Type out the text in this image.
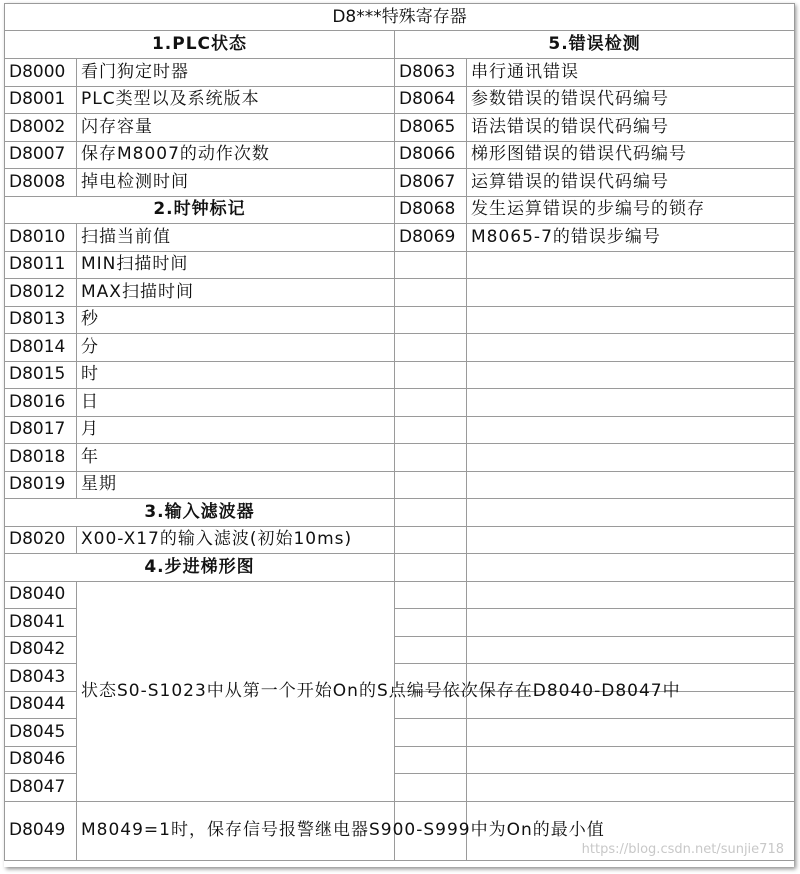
D8***特殊寄存器			
1.PLC状态		5.错误检测	
D8000	看门狗定时器	D8063	串行通讯错误
D8001	PLC类型以及系统版本	D8064	参数错误的错误代码编号
D8002	闪存容量	D8065	语法错误的错误代码编号
D8007	保存M8007的动作次数	D8066	梯形图错误的错误代码编号
D8008	掉电检测时间	D8067	运算错误的错误代码编号
2.时钟标记		D8068	发生运算错误的步编号的锁存
D8010	扫描当前值	D8069	M8065-7的错误步编号
D8011	MIN扫描时间		
D8012	MAX扫描时间		
D8013	秒		
D8014	分		
D8015	时		
D8016	日		
D8017	月		
D8018	年		
D8019	星期		
3.输入滤波器			
D8020	X00-X17的输入滤波(初始10ms)		
4.步进梯形图			
D8040	状态S0-S1023中从第一个开始On的S点编号依次保存在D8040-D8047中		
D8041			
D8042			
D8043			
D8044			
D8045			
D8046			
D8047			
D8049	M8049=1时，保存信号报警继电器S900-S999中为On的最小值		
https://blog.csdn.net/sunjie718
